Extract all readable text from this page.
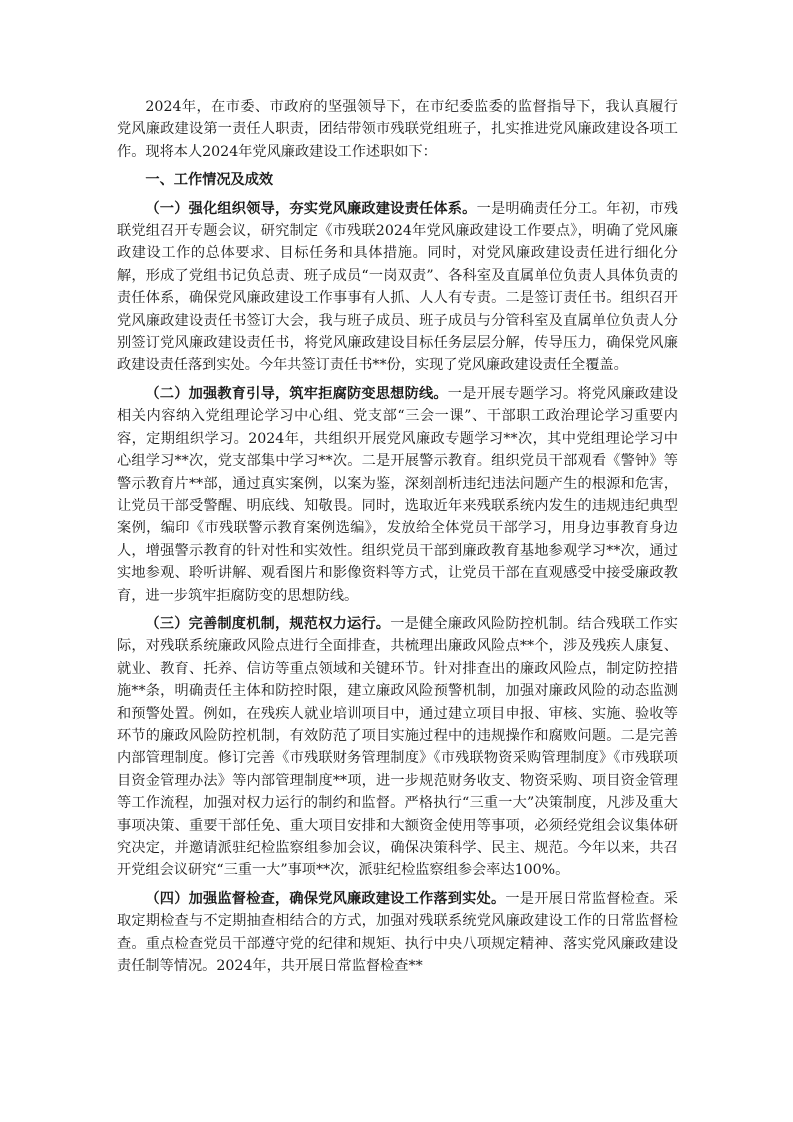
2024年，在市委、市政府的坚强领导下，在市纪委监委的监督指导下，我认真履行党风廉政建设第一责任人职责，团结带领市残联党组班子，扎实推进党风廉政建设各项工作。现将本人2024年党风廉政建设工作述职如下：

一、工作情况及成效

（一）强化组织领导，夯实党风廉政建设责任体系。一是明确责任分工。年初，市残联党组召开专题会议，研究制定《市残联2024年党风廉政建设工作要点》，明确了党风廉政建设工作的总体要求、目标任务和具体措施。同时，对党风廉政建设责任进行细化分解，形成了党组书记负总责、班子成员“一岗双责”、各科室及直属单位负责人具体负责的责任体系，确保党风廉政建设工作事事有人抓、人人有专责。二是签订责任书。组织召开党风廉政建设责任书签订大会，我与班子成员、班子成员与分管科室及直属单位负责人分别签订党风廉政建设责任书，将党风廉政建设目标任务层层分解，传导压力，确保党风廉政建设责任落到实处。今年共签订责任书**份，实现了党风廉政建设责任全覆盖。

（二）加强教育引导，筑牢拒腐防变思想防线。一是开展专题学习。将党风廉政建设相关内容纳入党组理论学习中心组、党支部“三会一课”、干部职工政治理论学习重要内容，定期组织学习。2024年，共组织开展党风廉政专题学习**次，其中党组理论学习中心组学习**次，党支部集中学习**次。二是开展警示教育。组织党员干部观看《警钟》等警示教育片**部，通过真实案例，以案为鉴，深刻剖析违纪违法问题产生的根源和危害，让党员干部受警醒、明底线、知敬畏。同时，选取近年来残联系统内发生的违规违纪典型案例，编印《市残联警示教育案例选编》，发放给全体党员干部学习，用身边事教育身边人，增强警示教育的针对性和实效性。组织党员干部到廉政教育基地参观学习**次，通过实地参观、聆听讲解、观看图片和影像资料等方式，让党员干部在直观感受中接受廉政教育，进一步筑牢拒腐防变的思想防线。

（三）完善制度机制，规范权力运行。一是健全廉政风险防控机制。结合残联工作实际，对残联系统廉政风险点进行全面排查，共梳理出廉政风险点**个，涉及残疾人康复、就业、教育、托养、信访等重点领域和关键环节。针对排查出的廉政风险点，制定防控措施**条，明确责任主体和防控时限，建立廉政风险预警机制，加强对廉政风险的动态监测和预警处置。例如，在残疾人就业培训项目中，通过建立项目申报、审核、实施、验收等环节的廉政风险防控机制，有效防范了项目实施过程中的违规操作和腐败问题。二是完善内部管理制度。修订完善《市残联财务管理制度》《市残联物资采购管理制度》《市残联项目资金管理办法》等内部管理制度**项，进一步规范财务收支、物资采购、项目资金管理等工作流程，加强对权力运行的制约和监督。严格执行“三重一大”决策制度，凡涉及重大事项决策、重要干部任免、重大项目安排和大额资金使用等事项，必须经党组会议集体研究决定，并邀请派驻纪检监察组参加会议，确保决策科学、民主、规范。今年以来，共召开党组会议研究“三重一大”事项**次，派驻纪检监察组参会率达100%。

（四）加强监督检查，确保党风廉政建设工作落到实处。一是开展日常监督检查。采取定期检查与不定期抽查相结合的方式，加强对残联系统党风廉政建设工作的日常监督检查。重点检查党员干部遵守党的纪律和规矩、执行中央八项规定精神、落实党风廉政建设责任制等情况。2024年，共开展日常监督检查**
